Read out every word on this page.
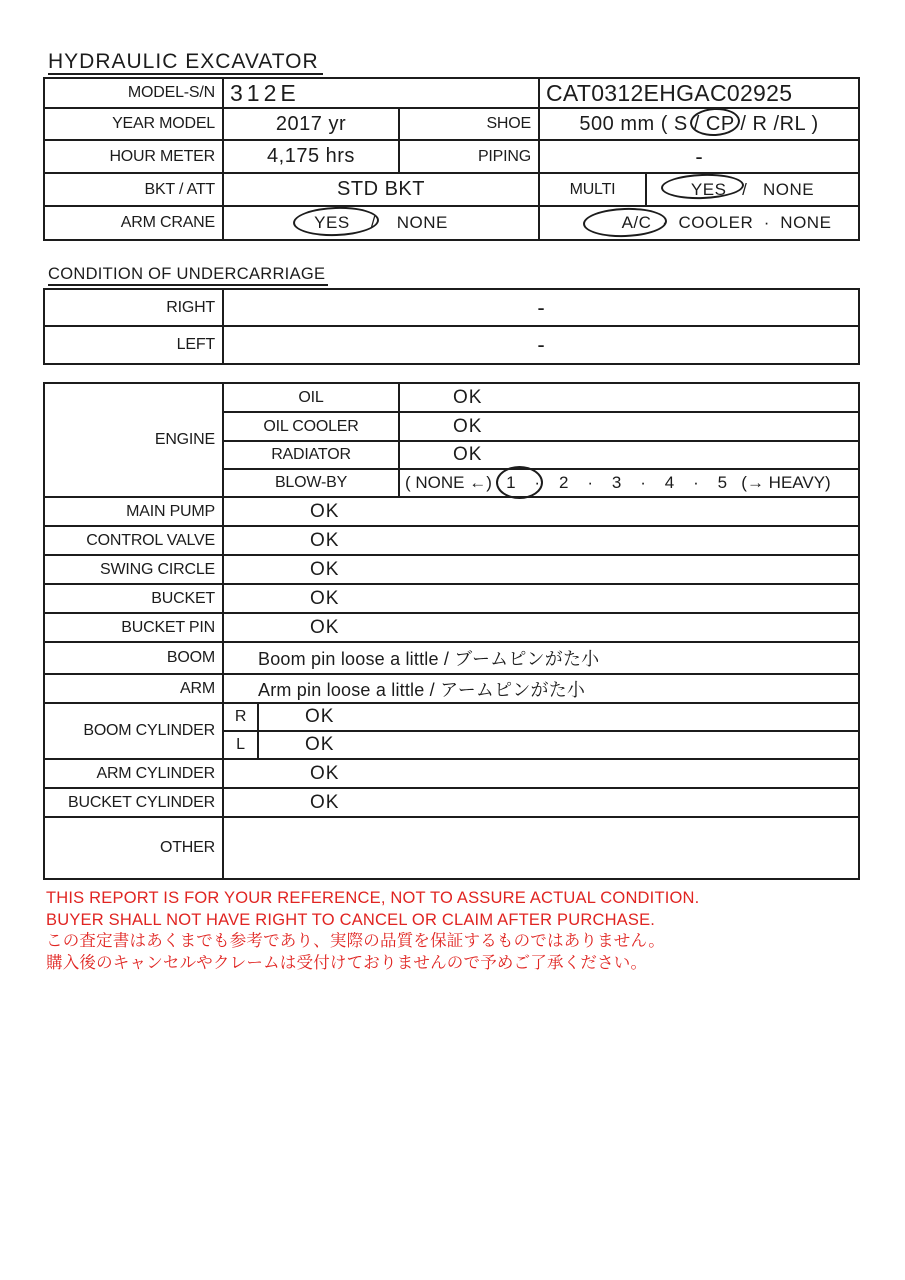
HYDRAULIC EXCAVATOR
MODEL-S/N	312E		CAT0312EHGAC02925	
YEAR MODEL	2017 yr	SHOE	500 mm ( S / CP / R /RL )	
HOUR METER	4,175 hrs	PIPING	-	
BKT / ATT	STD BKT		MULTI	YES   /   NONE
ARM CRANE	YES    /    NONE		A/C  ·  COOLER  ·  NONE	
CONDITION OF UNDERCARRIAGE
RIGHT	-
LEFT	-
ENGINE	OIL		OK
	OIL COOLER		OK
	RADIATOR		OK
	BLOW-BY		( NONE ←)   1    ·    2    ·    3    ·    4    ·    5   (→ HEAVY)
MAIN PUMP	OK		
CONTROL VALVE	OK		
SWING CIRCLE	OK		
BUCKET	OK		
BUCKET PIN	OK		
BOOM	Boom pin loose a little / ブームピンがた小		
ARM	Arm pin loose a little / アームピンがた小		
BOOM CYLINDER	R	OK	
	L	OK	
ARM CYLINDER	OK		
BUCKET CYLINDER	OK		
OTHER			
THIS REPORT IS FOR YOUR REFERENCE, NOT TO ASSURE ACTUAL CONDITION.
BUYER SHALL NOT HAVE RIGHT TO CANCEL OR CLAIM AFTER PURCHASE.
この査定書はあくまでも参考であり、実際の品質を保証するものではありません。
購入後のキャンセルやクレームは受付けておりませんので予めご了承ください。
